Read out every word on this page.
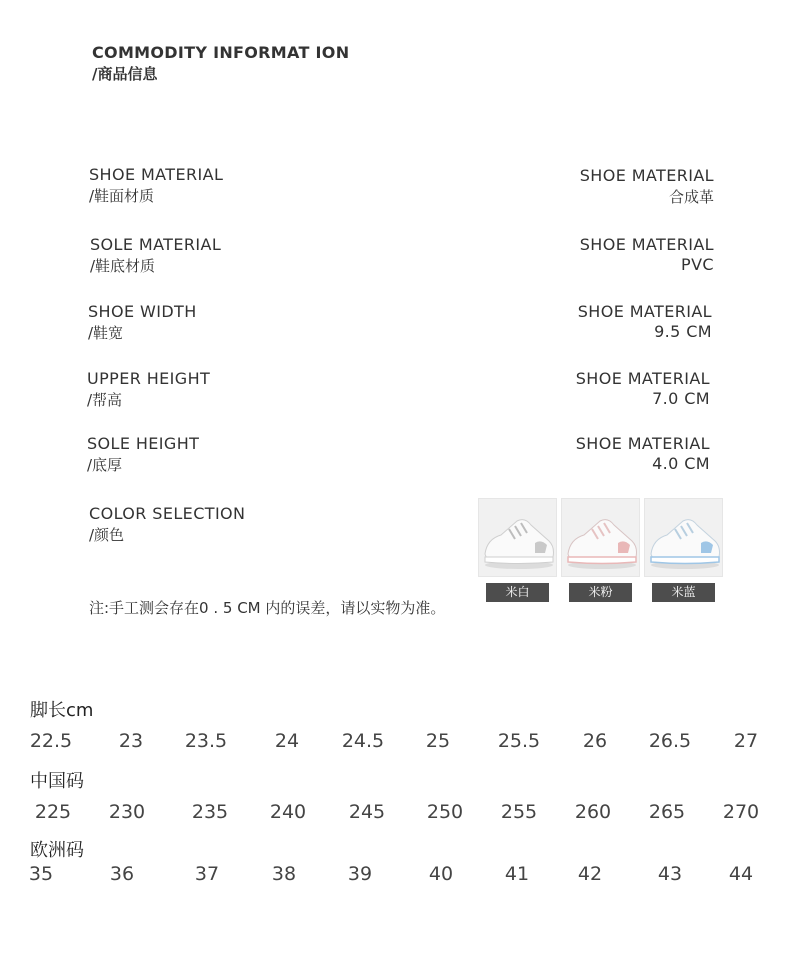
COMMODITY INFORMAT ION
/商品信息
SHOE MATERIAL
/鞋面材质
SHOE MATERIAL
合成革
SOLE MATERIAL
/鞋底材质
SHOE MATERIAL
PVC
SHOE WIDTH
/鞋宽
SHOE MATERIAL
9.5 CM
UPPER HEIGHT
/帮高
SHOE MATERIAL
7.0 CM
SOLE HEIGHT
/底厚
SHOE MATERIAL
4.0 CM
COLOR SELECTION
/颜色
米白	米粉	米蓝
注:手工测会存在0 . 5 CM 内的误差，请以实物为准。
脚长cm
22.5	23	23.5	24	24.5	25	25.5	26	26.5	27
中国码
225	230	235	240	245	250	255	260	265	270
欧洲码
35	36	37	38	39	40	41	42	43	44
